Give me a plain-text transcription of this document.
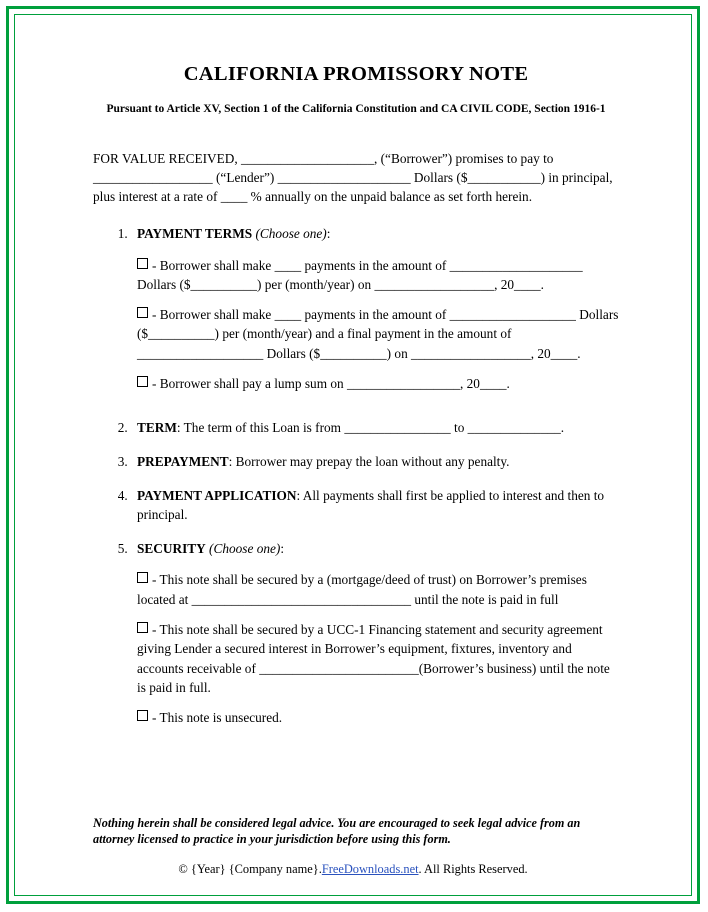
CALIFORNIA PROMISSORY NOTE
Pursuant to Article XV, Section 1 of the California Constitution and CA CIVIL CODE, Section 1916-1

FOR VALUE RECEIVED, ____________________, (“Borrower”) promises to pay to __________________ (“Lender”) ____________________ Dollars ($___________) in principal, plus interest at a rate of ____ % annually on the unpaid balance as set forth herein.

1. PAYMENT TERMS (Choose one):
- Borrower shall make ____ payments in the amount of ____________________ Dollars ($__________) per (month/year) on __________________, 20____.
- Borrower shall make ____ payments in the amount of ___________________ Dollars ($__________) per (month/year) and a final payment in the amount of ___________________ Dollars ($__________) on __________________, 20____.
- Borrower shall pay a lump sum on _________________, 20____.
2. TERM: The term of this Loan is from ________________ to ______________.
3. PREPAYMENT: Borrower may prepay the loan without any penalty.
4. PAYMENT APPLICATION: All payments shall first be applied to interest and then to principal.
5. SECURITY (Choose one):
- This note shall be secured by a (mortgage/deed of trust) on Borrower’s premises located at _________________________________ until the note is paid in full
- This note shall be secured by a UCC-1 Financing statement and security agreement giving Lender a secured interest in Borrower’s equipment, fixtures, inventory and accounts receivable of ________________________(Borrower’s business) until the note is paid in full.
- This note is unsecured.
Nothing herein shall be considered legal advice. You are encouraged to seek legal advice from an attorney licensed to practice in your jurisdiction before using this form.
© {Year} {Company name}.FreeDownloads.net. All Rights Reserved.
